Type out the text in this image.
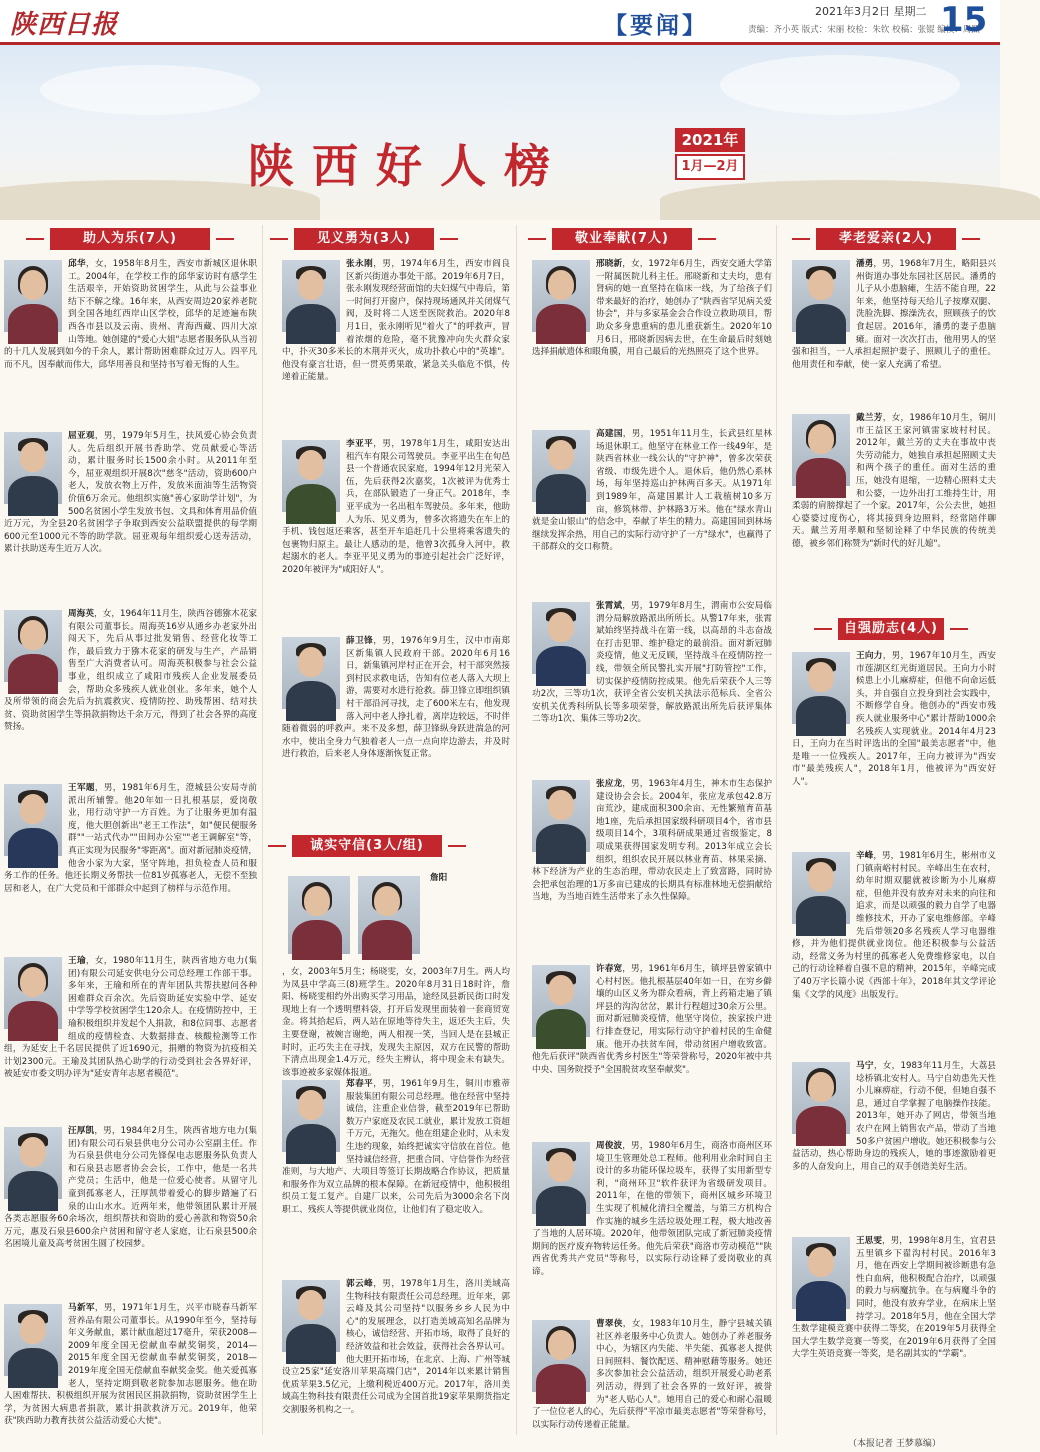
陕西日报	【要闻】
2021年3月2日 星期二
责编：齐小英 版式：宋丽 校检：朱钦 校稿：张锟 编校：周熙
15
陕西好人榜	2021年
1月—2月
助人为乐(7人)	见义勇为(3人)	敬业奉献(7人)	孝老爱亲(2人)
自强励志(4人)
诚实守信(3人/组)
邱华，女，1958年8月生，西安市新城区退休职工。2004年，在学校工作的邱华家访时有感学生生活艰辛，开始资助贫困学生，从此与公益事业结下不解之缘。16年来，从西安周边20家养老院到全国各地红西岸山区学校，邱华的足迹遍布陕西各市县以及云南、贵州、青海西藏、四川大凉山等地。她创建的"爱心大姐"志愿者服务队从当初的十几人发展到如今的千余人，累计帮助困难群众过万人。四平凡而不凡，因奉献而伟大，邱华用善良和坚持书写着无悔的人生。
屈亚观，男，1979年5月生，扶风爱心协会负责人。先后组织开展书香助学、党员献爱心等活动，累计服务时长1500余小时。从2011年至今，屈亚观组织开展8次"慈冬"活动，资助600户老人，发放衣物上万件，发放米面油等生活物资价值6万余元。他组织实施"善心家助学计划"，为500名贫困小学生发放书包、文具和体育用品价值近万元，为全县20名贫困学子争取到西安公益联盟提供的每学期600元至1000元不等的助学款。屈亚观每年组织爱心送寿活动，累计扶助送寿生近万人次。
周海英，女，1964年11月生，陕西谷德猕木花家有限公司董事长。周海英16岁从通乡办老家外出闯天下，先后从事过批发销售、经营化妆等工作，最后致力于猕木花家的研发与生产，产品销售至广大消费者认可。周海英积极参与社会公益事业，组织成立了咸阳市残疾人企业发展委员会，帮助众多残疾人就业创业。多年来，她个人及所带领的商会先后为抗震救灾、疫情防控、助残帮困、结对扶贫、资助贫困学生等捐款捐物达千余万元，得到了社会各界的高度赞扬。
王军题，男，1981年6月生，澄城县公安局寺前派出所辅警。他20年如一日扎根基层，爱岗敬业，用行动守护一方百姓。为了让服务更加有温度，他大胆创新出"老王工作法"，如"便民便服务群""一站式代办""田间办公室""老王调解室"等，真正实现为民服务"零距离"。面对新冠肺炎疫情，他舍小家为大家，坚守阵地，担负检查人员和服务工作的任务。他还长期义务帮扶一位81岁孤寡老人，无偿不至独居和老人，在广大党员和干部群众中起到了榜样与示范作用。
王瑜，女，1980年11月生，陕西省地方电力(集团)有限公司延安供电分公司总经理工作部干事。多年来，王瑜和所在的青年团队共帮扶慰问各种困难群众百余次。先后资助延安实验中学、延安中学等学校贫困学生120余人。在疫情防控中，王瑜积极组织并发起个人捐款，和8位同事、志愿者组成的疫情检查、大数据排查、核酸检测等工作组，为延安上千名居民提供了近1690元，捐赠的物资为抗疫相关计划2300元。王瑜及其团队热心助学的行动受到社会各界好评，被延安市委文明办评为"延安青年志愿者模范"。
汪厚凯，男，1984年2月生，陕西省地方电力(集团)有限公司石泉县供电分公司办公室副主任。作为石泉县供电分公司先锋保电志愿服务队负责人和石泉县志愿者协会会长，工作中，他是一名共产党员；生活中，他是一位爱心使者。从留守儿童到孤寡老人，汪厚凯带着爱心的脚步踏遍了石泉的山山水水。近两年来，他带领团队累计开展各类志愿服务60余场次，组织帮扶和资助的爱心善款和物资50余万元，惠及石泉县600余户贫困和留守老人家庭，让石泉县500余名困境儿童及高考贫困生圆了校园梦。
马新军，男，1971年1月生，兴平市晓春马新军营养品有限公司董事长。从1990年至今，坚持每年义务献血，累计献血超过17毫升，荣获2008—2009年度全国无偿献血奉献奖铜奖，2014—2015年度全国无偿献血奉献奖铜奖，2018—2019年度全国无偿献血奉献奖金奖。他关爱孤寡老人，坚持定期到敬老院参加志愿服务。他在助人困难帮扶、积极组织开展为贫困民区捐款捐物，资助贫困学生上学，为贫困大病患者捐款，累计捐款救济万元。2019年，他荣获"陕西助力教育扶贫公益活动爱心大使"。
张永刚，男，1974年6月生，西安市阎良区新兴街道办事处干部。2019年6月7日，张永刚发现经营面馆的夫妇煤气中毒后，第一时间打开窗户，保持现场通风并关闭煤气阀，及时将二人送至医院救治。2020年8月1日，张永刚听见"着火了"的呼救声，冒着浓烟的危险，毫不犹豫冲向失火群众家中，扑灭30多米长的木荆并灭火，成功扑救心中的"英雄"。他没有豪言壮语，但一贯英勇果敢，紧急关头临危不惧，传递着正能量。
李亚平，男，1978年1月生，咸阳安达出租汽车有限公司驾驶员。李亚平出生在旬邑县一个普通农民家庭，1994年12月光荣入伍，先后获得2次嘉奖，1次被评为优秀士兵，在部队锻造了一身正气。2018年，李亚平成为一名出租车驾驶员。多年来，他助人为乐、见义勇为，曾多次将遗失在车上的手机、钱包返还乘客，甚至开车追赶几十公里将乘客遗失的包裹物归原主。最让人感动的是，他曾3次孤身入河中，救起溺水的老人。李亚平见义勇为的事迹引起社会广泛好评，2020年被评为"咸阳好人"。
薛卫锋，男，1976年9月生，汉中市南郑区新集镇人民政府干部。2020年6月16日，新集镇河岸村正在开会，村干部突然接到村民求救电话，告知有位老人落入大坝上游，需要对水进行抢救。薛卫锋立即组织镇村干部沿河寻找，走了600米左右，他发现落入河中老人挣扎着，离岸边较远，不时伴随着微弱的呼救声。来不及多想，薛卫锋纵身跃进湍急的河水中，使出全身力气独着老人一点一点向岸边游去，并及时进行救治，后来老人身体逐渐恢复正常。
詹阳
，女，2003年5月生；杨晓雯，女，2003年7月生。两人均为凤县中学高三(8)班学生。2020年8月31日18时许，詹阳、杨晓雯相约外出购买学习用品，途经凤县新民街口时发现地上有一个透明塑料袋，打开后发现里面装着一套商贸宽金。将其拾起后，两人站在原地等待失主，返还失主后，失主要登谢，被婉言谢绝，两人相视一笑，当回人是在县城正时时，正巧失主在寻找，发现失主原因，双方在民警的帮助下清点出现金1.4万元，经失主辨认，将中现金未有缺失。该事迹被多家媒体报道。
郑春平，男，1961年9月生，铜川市雅蒂服装集团有限公司总经理。他在经营中坚持诚信，注重企业信誉，截至2019年已帮助数万户家庭及农民工就业，累计发放工资超千万元，无拖欠。他在组建企业时，从未发生违约现象，始终把诚实守信放在首位。他坚持诚信经营，把重合同、守信誉作为经营准则，与大地产、大项目等签订长期战略合作协议，把质量和服务作为双立品牌的根本保障。在新冠疫情中，他积极组织员工复工复产。自建厂以来，公司先后为3000余名下岗职工、残疾人等提供就业岗位，让他们有了稳定收入。
郭云峰，男，1978年1月生，洛川美域高生物科技有限责任公司总经理。近年来，郭云峰及其公司坚持"以服务乡乡人民为中心"的发展理念，以打造美域高知名品牌为核心，诚信经营、开拓市场，取得了良好的经济效益和社会效益，获得社会各界认可。他大胆开拓市场，在北京、上海、广州等城设立25家"延安洛川苹果高端门店"，2014年以来累计销售优质苹果3.5亿元，上缴利税近400万元。2017年，洛川美域高生物科技有限责任公司成为全国首批19家苹果期货指定交割服务机构之一。
邢晓新，女，1972年6月生，西安交通大学第一附属医院儿科主任。邢晓新和丈夫均，患有肾病的她一直坚持在临床一线，为了给孩子们带来最好的治疗，她创办了"陕西省罕见病关爱协会"，并与多家基金会合作设立救助项目，帮助众多身患重病的患儿重获新生。2020年10月6日，邢晓新因病去世，在生命最后时刻她选择捐献遗体和眼角膜，用自己最后的光热照亮了这个世界。
高建国，男，1951年11月生，长武县红星林场退休职工。他坚守在林业工作一线49年，是陕西省林业一线公认的"守护神"，曾多次荣获省级、市级先进个人。退休后，他仍然心系林场，每年坚持巡山护林两百多天。从1971年到1989年，高建国累计人工栽植树10多万亩，修筑林带、护林路3万米。他在"绿水青山就是金山银山"的信念中，奉献了毕生的精力。高建国回到林场继续发挥余热，用自己的实际行动守护了一方"绿水"，也赢得了干部群众的交口称赞。
张霄斌，男，1979年8月生，渭南市公安局临渭分局解放路派出所所长。从警17年来，张霄斌始终坚持战斗在第一线，以高昂的斗志奋战在打击犯罪、维护稳定的最前沿。面对新冠肺炎疫情，他义无反顾，坚持战斗在疫情防控一线，带领全所民警扎实开展"打防管控"工作，切实保护疫情防控成果。他先后荣获个人三等功2次，三等功1次，获评全省公安机关执法示范标兵、全省公安机关优秀科所队长等多项荣誉，解放路派出所先后获评集体二等功1次、集体三等功2次。
张应龙，男，1963年4月生，神木市生态保护建设协会会长。2004年，张应龙承包42.8万亩荒沙，建成面积300余亩、无性繁殖育苗基地1座，先后承担国家级科研项目4个，省市县级项目14个，3项科研成果通过省级鉴定，8项成果获得国家发明专利。2013年成立会长组织，组织农民开展以林业育苗、林果采摘、林下经济为产业的生态治理，带动农民走上了致富路，同时协会把承包治理的1万多亩已建成的长期具有标准林地无偿捐献给当地，为当地百姓生活带来了永久性保障。
许春宽，男，1961年6月生，镇坪县曾家镇中心村村医。他扎根基层40年如一日，在穷乡僻壤的山区义务为群众看病，背上药箱走遍了镇坪县的沟沟岔岔，累计行程超过30余万公里。面对新冠肺炎疫情，他坚守岗位，挨家挨户进行排查登记，用实际行动守护着村民的生命健康。他开办扶贫车间，带动贫困户增收致富。他先后获评"陕西省优秀乡村医生"等荣誉称号，2020年被中共中央、国务院授予"全国脱贫攻坚奉献奖"。
周俊波，男，1980年6月生，商洛市商州区环境卫生管理处总工程师。他利用业余时间自主设计的多功能环保垃圾车，获得了实用新型专利，"商州环卫"软件获评为省级研发项目。2011年，在他的带领下，商州区城乡环境卫生实现了机械化清扫全覆盖，与第三方机构合作实施的城乡生活垃圾处理工程，极大地改善了当地的人居环境。2020年，他带领团队完成了新冠肺炎疫情期间的医疗废弃物转运任务。他先后荣获"商洛市劳动模范""陕西省优秀共产党员"等称号，以实际行动诠释了爱岗敬业的真谛。
曹翠侠，女，1983年10月生，静宁县城关镇社区养老服务中心负责人。她创办了养老服务中心，为辖区内失能、半失能、孤寡老人提供日间照料、餐饮配送、精神慰藉等服务。她还多次参加社会公益活动，组织开展爱心助老系列活动，得到了社会各界的一致好评，被誉为"老人贴心人"。她用自己的爱心和耐心温暖了一位位老人的心，先后获得"平凉市最美志愿者"等荣誉称号，以实际行动传递着正能量。
潘勇，男，1968年7月生，略阳县兴州街道办事处东园社区居民。潘勇的儿子从小患脑瘫，生活不能自理，22年来，他坚持每天给儿子按摩双腿、洗脸洗脚、擦澡洗衣，照顾孩子的饮食起居。2016年，潘勇的妻子患脑瘫。面对一次次打击，他用男人的坚强和担当，一人承担起照护妻子、照顾儿子的重任。他用责任和奉献，使一家人充满了希望。
戴兰芳，女，1986年10月生，铜川市王益区王家河镇雷家坡村村民。2012年，戴兰芳的丈夫在事故中丧失劳动能力，她独自承担起照顾丈夫和两个孩子的重任。面对生活的重压，她没有退缩，一边精心照料丈夫和公婆，一边外出打工维持生计，用柔弱的肩膀撑起了一个家。2017年，公公去世，她担心婆婆过度伤心，将其接到身边照料，经常陪伴聊天。戴兰芳用孝顺和坚韧诠释了中华民族的传统美德，被乡邻们称赞为"新时代的好儿媳"。
王向力，男，1967年10月生，西安市莲湖区红光街道居民。王向力小时候患上小儿麻痹症，但他不向命运低头，并自强自立投身到社会实践中，不断修学自身。他创办的"西安市残疾人就业服务中心"累计帮助1000余名残疾人实现就业。2014年4月23日，王向力在当时评选出的全国"最美志愿者"中，他是唯一一位残疾人。2017年，王向力被评为"西安市"最美残疾人"，2018年1月，他被评为"西安好人"。
辛峰，男，1981年6月生，彬州市义门镇南峪村村民。辛峰出生在农村，幼年时期双腿就被诊断为小儿麻痹症，但他并没有放弃对未来的向往和追求，而是以顽强的毅力自学了电器维修技术，开办了家电维修部。辛峰先后带领20多名残疾人学习电器维修，并为他们提供就业岗位。他还积极参与公益活动，经常义务为村里的孤寡老人免费维修家电，以自己的行动诠释着自强不息的精神，2015年，辛峰完成了40万字长篇小说《西部十年》，2018年其文学评论集《文学的风度》出版发行。
马宁，女，1983年11月生，大荔县埝桥镇北安村人。马宁自幼患先天性小儿麻痹症，行动不便，但她自强不息，通过自学掌握了电脑操作技能。2013年，她开办了网店，带领当地农户在网上销售农产品，带动了当地50多户贫困户增收。她还积极参与公益活动，热心帮助身边的残疾人，她的事迹激励着更多的人奋发向上，用自己的双手创造美好生活。
王思雯，男，1998年8月生，宜君县五里镇乡下翟沟村村民。2016年3月，他在西安上学期间被诊断患有急性白血病，他积极配合治疗，以顽强的毅力与病魔抗争。在与病魔斗争的同时，他没有放弃学业，在病床上坚持学习。2018年5月，他在全国大学生数学建模竞赛中获得二等奖，在2019年5月获得全国大学生数学竞赛一等奖，在2019年6月获得了全国大学生英语竞赛一等奖，是名副其实的"学霸"。
（本报记者 王梦慕编）
